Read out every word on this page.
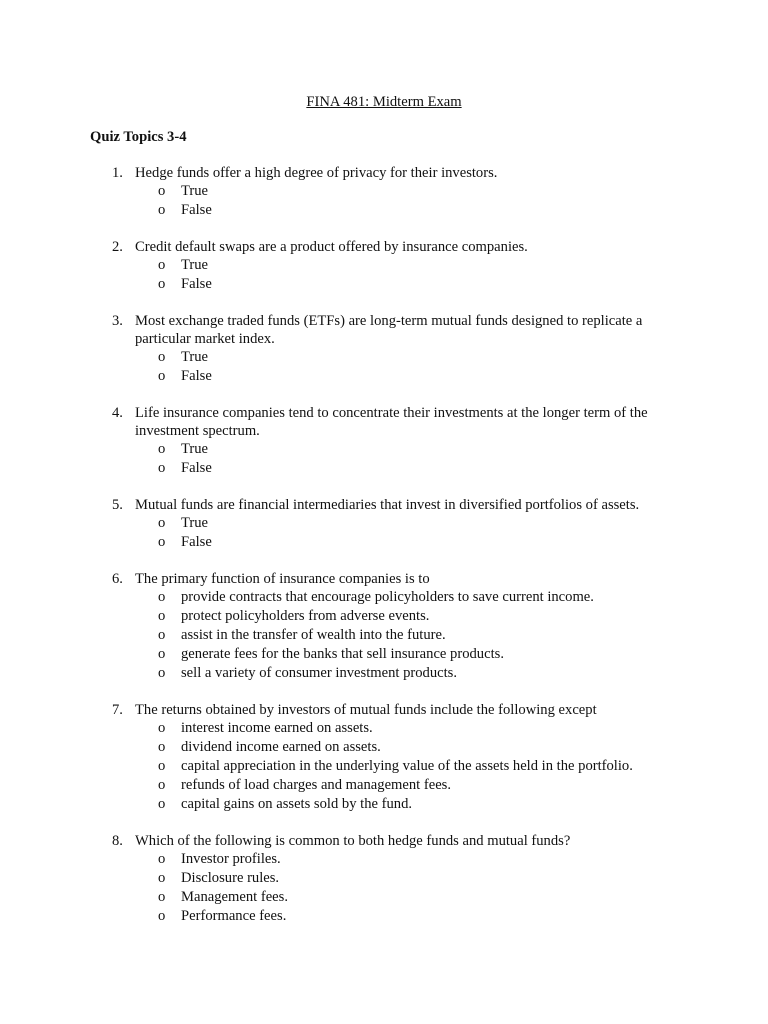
FINA 481: Midterm Exam
Quiz Topics 3-4
1. Hedge funds offer a high degree of privacy for their investors.
o True
o False
2. Credit default swaps are a product offered by insurance companies.
o True
o False
3. Most exchange traded funds (ETFs) are long-term mutual funds designed to replicate a particular market index.
o True
o False
4. Life insurance companies tend to concentrate their investments at the longer term of the investment spectrum.
o True
o False
5. Mutual funds are financial intermediaries that invest in diversified portfolios of assets.
o True
o False
6. The primary function of insurance companies is to
o provide contracts that encourage policyholders to save current income.
o protect policyholders from adverse events.
o assist in the transfer of wealth into the future.
o generate fees for the banks that sell insurance products.
o sell a variety of consumer investment products.
7. The returns obtained by investors of mutual funds include the following except
o interest income earned on assets.
o dividend income earned on assets.
o capital appreciation in the underlying value of the assets held in the portfolio.
o refunds of load charges and management fees.
o capital gains on assets sold by the fund.
8. Which of the following is common to both hedge funds and mutual funds?
o Investor profiles.
o Disclosure rules.
o Management fees.
o Performance fees.
